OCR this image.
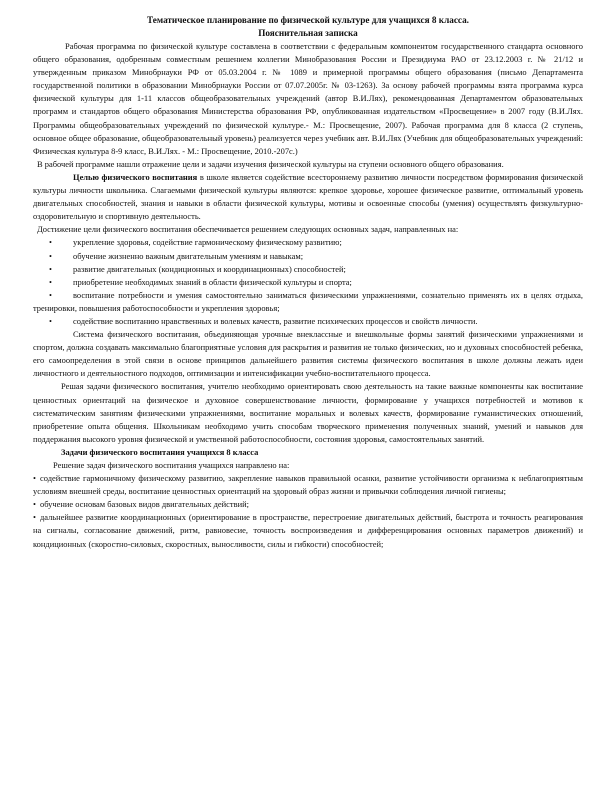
Тематическое планирование по физической культуре для учащихся 8 класса.

Пояснительная записка

Рабочая программа по физической культуре составлена в соответствии с федеральным компонентом государственного стандарта основного общего образования, одобренным совместным решением коллегии Минобразования России и Президиума РАО от 23.12.2003 г. № 21/12 и утвержденным приказом Минобрнауки РФ от 05.03.2004 г. № 1089 и примерной программы общего образования (письмо Департамента государственной политики в образовании Минобрнауки России от 07.07.2005г. № 03-1263). За основу рабочей программы взята программа курса физической культуры для 1-11 классов общеобразовательных учреждений (автор В.И.Лях), рекомендованная Департаментом образовательных программ и стандартов общего образования Министерства образования РФ, опубликованная издательством «Просвещение» в 2007 году (В.И.Лях. Программы общеобразовательных учреждений по физической культуре.- М.: Просвещение, 2007). Рабочая программа для 8 класса (2 ступень, основное общее образование, общеобразовательный уровень) реализуется через учебник авт. В.И.Лях (Учебник для общеобразовательных учреждений: Физическая культура 8-9 класс, В.И.Лях. - М.: Просвещение, 2010.-207с.)

В рабочей программе нашли отражение цели и задачи изучения физической культуры на ступени основного общего образования.

Целью физического воспитания в школе является содействие всестороннему развитию личности посредством формирования физической культуры личности школьника. Слагаемыми физической культуры являются: крепкое здоровье, хорошее физическое развитие, оптимальный уровень двигательных способностей, знания и навыки в области физической культуры, мотивы и освоенные способы (умения) осуществлять физкультурно-оздоровительную и спортивную деятельность.

Достижение цели физического воспитания обеспечивается решением следующих основных задач, направленных на:

•	укрепление здоровья, содействие гармоническому физическому развитию;
•	обучение жизненно важным двигательным умениям и навыкам;
•	развитие двигательных (кондиционных и координационных) способностей;
•	приобретение необходимых знаний в области физической культуры и спорта;
•	воспитание потребности и умения самостоятельно заниматься физическими упражнениями, сознательно применять их в целях отдыха, тренировки, повышения работоспособности и укрепления здоровья;
•	содействие воспитанию нравственных и волевых качеств, развитие психических процессов и свойств личности.

Система физического воспитания, объединяющая урочные внеклассные и внешкольные формы занятий физическими упражнениями и спортом, должна создавать максимально благоприятные условия для раскрытия и развития не только физических, но и духовных способностей ребенка, его самоопределения в этой связи в основе принципов дальнейшего развития системы физического воспитания в школе должны лежать идеи личностного и деятельностного подходов, оптимизации и интенсификации учебно-воспитательного процесса.

Решая задачи физического воспитания, учителю необходимо ориентировать свою деятельность на такие важные компоненты как воспитание ценностных ориентаций на физическое и духовное совершенствование личности, формирование у учащихся потребностей и мотивов к систематическим занятиям физическими упражнениями, воспитание моральных и волевых качеств, формирование гуманистических отношений, приобретение опыта общения. Школьникам необходимо учить способам творческого применения полученных знаний, умений и навыков для поддержания высокого уровня физической и умственной работоспособности, состояния здоровья, самостоятельных занятий.

Задачи физического воспитания учащихся 8 класса

Решение задач физического воспитания учащихся направлено на:

• содействие гармоничному физическому развитию, закрепление навыков правильной осанки, развитие устойчивости организма к неблагоприятным условиям внешней среды, воспитание ценностных ориентаций на здоровый образ жизни и привычки соблюдения личной гигиены;
• обучение основам базовых видов двигательных действий;
• дальнейшее развитие координационных (ориентирование в пространстве, перестроение двигательных действий, быстрота и точность реагирования на сигналы, согласование движений, ритм, равновесие, точность воспроизведения и дифференцирования основных параметров движений) и кондиционных (скоростно-силовых, скоростных, выносливости, силы и гибкости) способностей;
